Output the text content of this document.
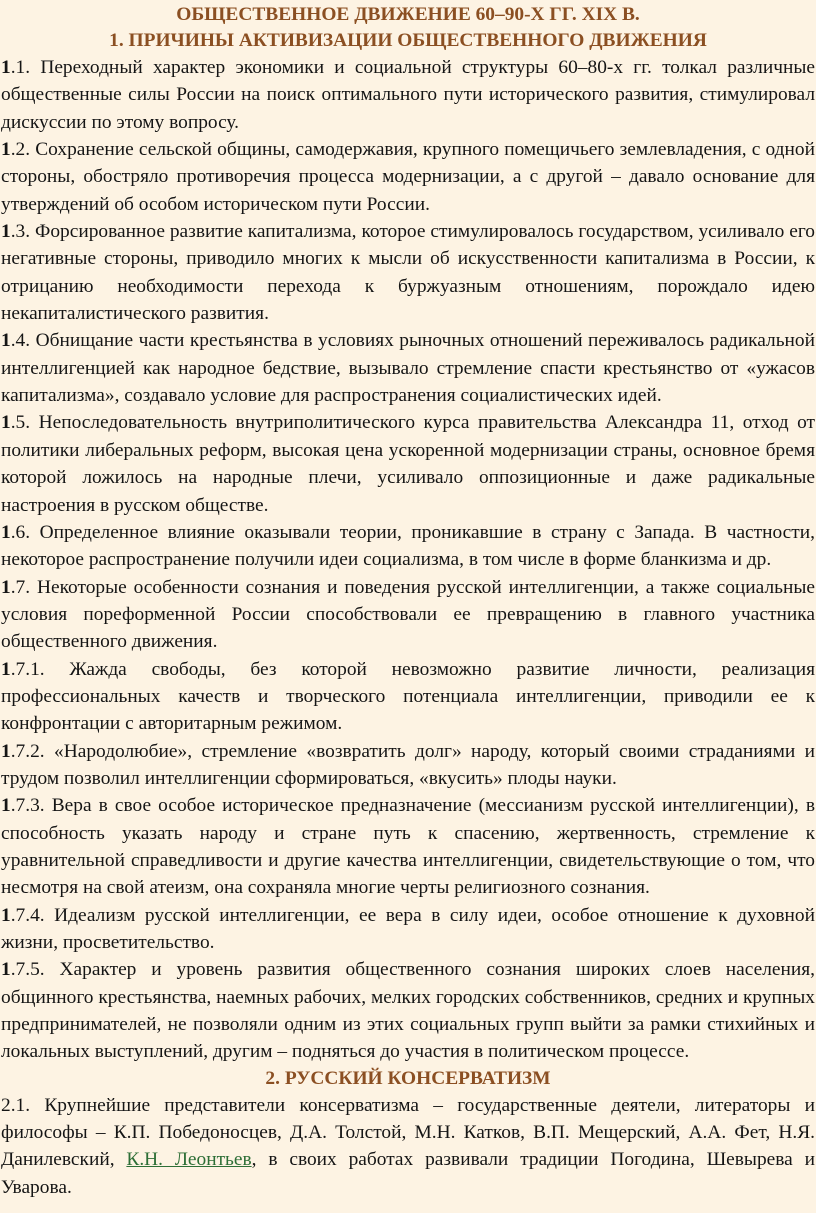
ОБЩЕСТВЕННОЕ ДВИЖЕНИЕ 60–90-Х ГГ. XIX В.
1. ПРИЧИНЫ АКТИВИЗАЦИИ ОБЩЕСТВЕННОГО ДВИЖЕНИЯ

1.1. Переходный характер экономики и социальной структуры 60–80-х гг. толкал различные общественные силы России на поиск оптимального пути исторического развития, стимулировал дискуссии по этому вопросу.

1.2. Сохранение сельской общины, самодержавия, крупного помещичьего землевладения, с одной стороны, обостряло противоречия процесса модернизации, а с другой – давало основание для утверждений об особом историческом пути России.

1.3. Форсированное развитие капитализма, которое стимулировалось государством, усиливало его негативные стороны, приводило многих к мысли об искусственности капитализма в России, к отрицанию необходимости перехода к буржуазным отношениям, порождало идею некапиталистического развития.

1.4. Обнищание части крестьянства в условиях рыночных отношений переживалось радикальной интеллигенцией как народное бедствие, вызывало стремление спасти крестьянство от «ужасов капитализма», создавало условие для распространения социалистических идей.

1.5. Непоследовательность внутриполитического курса правительства Александра 11, отход от политики либеральных реформ, высокая цена ускоренной модернизации страны, основное бремя которой ложилось на народные плечи, усиливало оппозиционные и даже радикальные настроения в русском обществе.

1.6. Определенное влияние оказывали теории, проникавшие в страну с Запада. В частности, некоторое распространение получили идеи социализма, в том числе в форме бланкизма и др.

1.7. Некоторые особенности сознания и поведения русской интеллигенции, а также социальные условия пореформенной России способствовали ее превращению в главного участника общественного движения.

1.7.1. Жажда свободы, без которой невозможно развитие личности, реализация профессиональных качеств и творческого потенциала интеллигенции, приводили ее к конфронтации с авторитарным режимом.

1.7.2. «Народолюбие», стремление «возвратить долг» народу, который своими страданиями и трудом позволил интеллигенции сформироваться, «вкусить» плоды науки.

1.7.3. Вера в свое особое историческое предназначение (мессианизм русской интеллигенции), в способность указать народу и стране путь к спасению, жертвенность, стремление к уравнительной справедливости и другие качества интеллигенции, свидетельствующие о том, что несмотря на свой атеизм, она сохраняла многие черты религиозного сознания.

1.7.4. Идеализм русской интеллигенции, ее вера в силу идеи, особое отношение к духовной жизни, просветительство.

1.7.5. Характер и уровень развития общественного сознания широких слоев населения, общинного крестьянства, наемных рабочих, мелких городских собственников, средних и крупных предпринимателей, не позволяли одним из этих социальных групп выйти за рамки стихийных и локальных выступлений, другим – подняться до участия в политическом процессе.

2. РУССКИЙ КОНСЕРВАТИЗМ

2.1. Крупнейшие представители консерватизма – государственные деятели, литераторы и философы – К.П. Победоносцев, Д.А. Толстой, М.Н. Катков, В.П. Мещерский, А.А. Фет, Н.Я. Данилевский, К.Н. Леонтьев, в своих работах развивали традиции Погодина, Шевырева и Уварова.
